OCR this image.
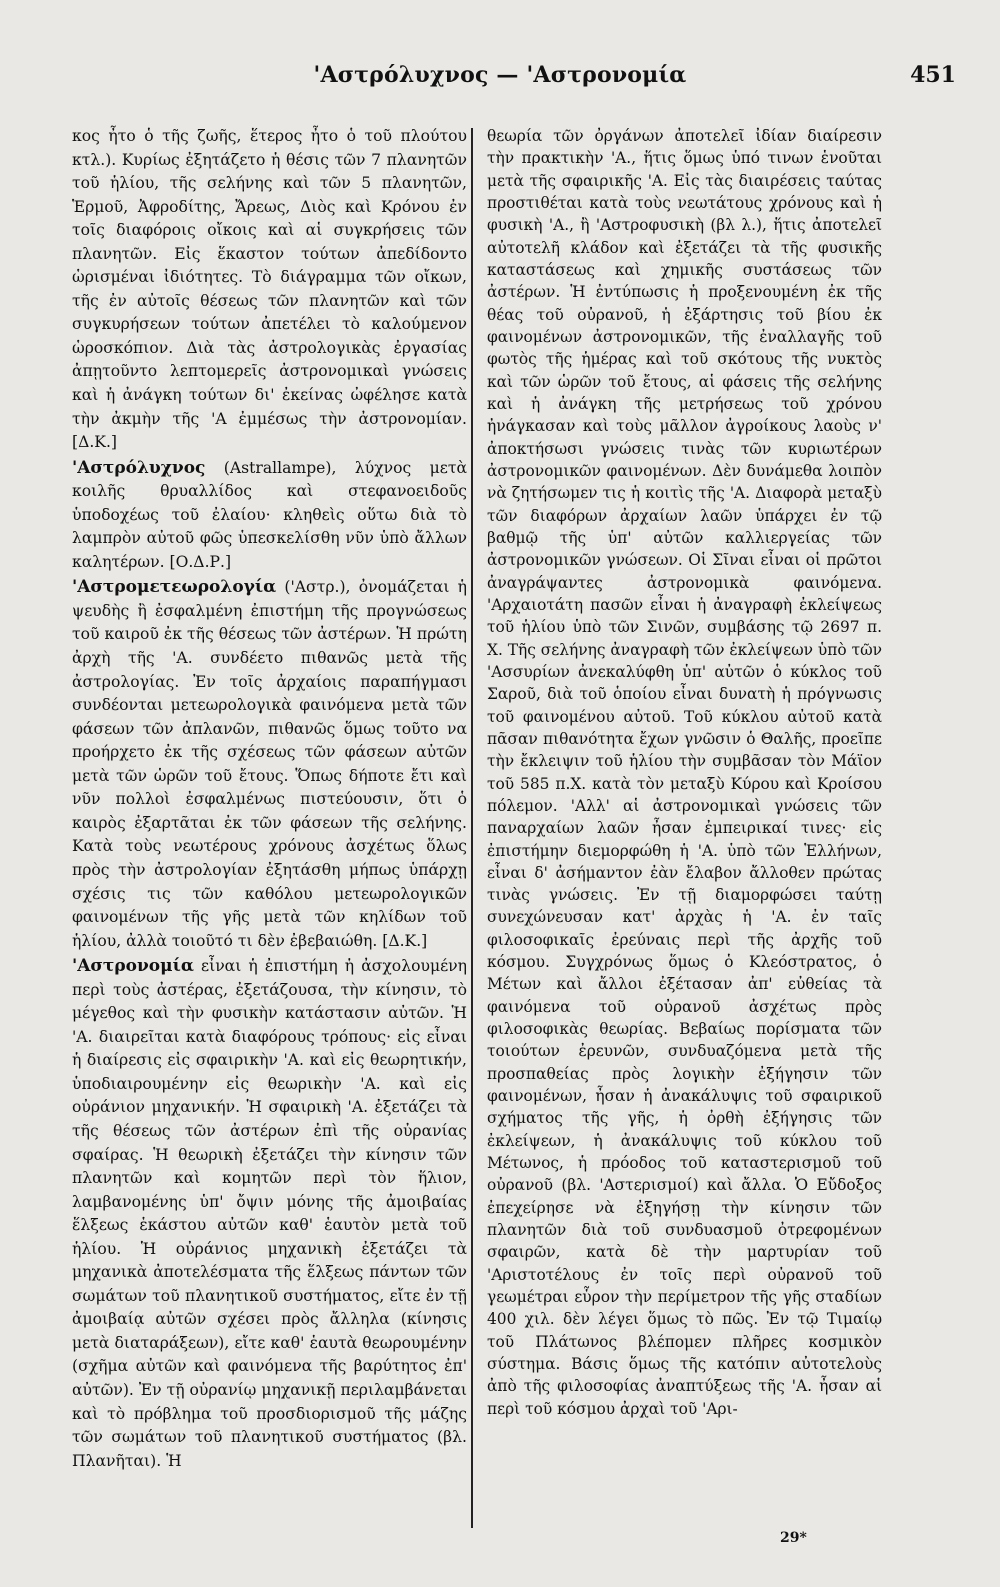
'Αστρόλυχνος — 'Αστρονομία	451

κος ἦτο ὁ τῆς ζωῆς, ἕτερος ἦτο ὁ τοῦ πλούτου κτλ.). Κυρίως ἐξητάζετο ἡ θέσις τῶν 7 πλανητῶν τοῦ ἡλίου, τῆς σελήνης καὶ τῶν 5 πλανητῶν, Ἑρμοῦ, Ἀφροδίτης, Ἄρεως, Διὸς καὶ Κρόνου ἐν τοῖς διαφόροις οἴκοις καὶ αἱ συγκρήσεις τῶν πλανητῶν. Εἰς ἕκαστον τούτων ἀπεδίδοντο ὡρισμέναι ἰδιότητες. Τὸ διάγραμμα τῶν οἴκων, τῆς ἐν αὐτοῖς θέσεως τῶν πλανητῶν καὶ τῶν συγκυρήσεων τούτων ἀπετέλει τὸ καλούμενον ὡροσκόπιον. Διὰ τὰς ἀστρολογικὰς ἐργασίας ἀπῃτοῦντο λεπτομερεῖς ἀστρονομικαὶ γνώσεις καὶ ἡ ἀνάγκη τούτων δι' ἐκείνας ὠφέλησε κατὰ τὴν ἀκμὴν τῆς 'Α ἐμμέσως τὴν ἀστρονομίαν. [Δ.Κ.]

'Αστρόλυχνος (Astrallampe), λύχνος μετὰ κοιλῆς θρυαλλίδος καὶ στεφανοειδοῦς ὑποδοχέως τοῦ ἐλαίου· κληθεὶς οὕτω διὰ τὸ λαμπρὸν αὐτοῦ φῶς ὑπεσκελίσθη νῦν ὑπὸ ἄλλων καλητέρων. [Ο.Δ.Ρ.]

'Αστρομετεωρολογία ('Αστρ.), ὀνομάζεται ἡ ψευδὴς ἢ ἐσφαλμένη ἐπιστήμη τῆς προγνώσεως τοῦ καιροῦ ἐκ τῆς θέσεως τῶν ἀστέρων. Ἡ πρώτη ἀρχὴ τῆς 'Α. συνδέετο πιθανῶς μετὰ τῆς ἀστρολογίας. Ἐν τοῖς ἀρχαίοις παραπήγμασι συνδέονται μετεωρολογικὰ φαινόμενα μετὰ τῶν φάσεων τῶν ἀπλανῶν, πιθανῶς ὅμως τοῦτο να προήρχετο ἐκ τῆς σχέσεως τῶν φάσεων αὐτῶν μετὰ τῶν ὡρῶν τοῦ ἔτους. Ὅπως δήποτε ἔτι καὶ νῦν πολλοὶ ἐσφαλμένως πιστεύουσιν, ὅτι ὁ καιρὸς ἐξαρτᾶται ἐκ τῶν φάσεων τῆς σελήνης. Κατὰ τοὺς νεωτέρους χρόνους ἀσχέτως ὅλως πρὸς τὴν ἀστρολογίαν ἐξητάσθη μήπως ὑπάρχῃ σχέσις τις τῶν καθόλου μετεωρολογικῶν φαινομένων τῆς γῆς μετὰ τῶν κηλίδων τοῦ ἡλίου, ἀλλὰ τοιοῦτό τι δὲν ἐβεβαιώθη. [Δ.Κ.]

'Αστρονομία εἶναι ἡ ἐπιστήμη ἡ ἀσχολουμένη περὶ τοὺς ἀστέρας, ἐξετάζουσα, τὴν κίνησιν, τὸ μέγεθος καὶ τὴν φυσικὴν κατάστασιν αὐτῶν. Ἡ 'Α. διαιρεῖται κατὰ διαφόρους τρόπους· εἰς εἶναι ἡ διαίρεσις εἰς σφαιρικὴν 'Α. καὶ εἰς θεωρητικήν, ὑποδιαιρουμένην εἰς θεωρικὴν 'Α. καὶ εἰς οὐράνιον μηχανικήν. Ἡ σφαιρικὴ 'Α. ἐξετάζει τὰ τῆς θέσεως τῶν ἀστέρων ἐπὶ τῆς οὐρανίας σφαίρας. Ἡ θεωρικὴ ἐξετάζει τὴν κίνησιν τῶν πλανητῶν καὶ κομητῶν περὶ τὸν ἥλιον, λαμβανομένης ὑπ' ὄψιν μόνης τῆς ἀμοιβαίας ἕλξεως ἑκάστου αὐτῶν καθ' ἑαυτὸν μετὰ τοῦ ἡλίου. Ἡ οὐράνιος μηχανικὴ ἐξετάζει τὰ μηχανικὰ ἀποτελέσματα τῆς ἕλξεως πάντων τῶν σωμάτων τοῦ πλανητικοῦ συστήματος, εἴτε ἐν τῇ ἀμοιβαίᾳ αὐτῶν σχέσει πρὸς ἄλληλα (κίνησις μετὰ διαταράξεων), εἴτε καθ' ἑαυτὰ θεωρουμένην (σχῆμα αὐτῶν καὶ φαινόμενα τῆς βαρύτητος ἐπ' αὐτῶν). Ἐν τῇ οὐρανίῳ μηχανικῇ περιλαμβάνεται καὶ τὸ πρόβλημα τοῦ προσδιορισμοῦ τῆς μάζης τῶν σωμάτων τοῦ πλανητικοῦ συστήματος (βλ. Πλανῆται). Ἡ

θεωρία τῶν ὀργάνων ἀποτελεῖ ἰδίαν διαίρεσιν τὴν πρακτικὴν 'Α., ἥτις ὅμως ὑπό τινων ἑνοῦται μετὰ τῆς σφαιρικῆς 'Α. Εἰς τὰς διαιρέσεις ταύτας προστιθέται κατὰ τοὺς νεωτάτους χρόνους καὶ ἡ φυσικὴ 'Α., ἢ 'Αστροφυσικὴ (βλ λ.), ἥτις ἀποτελεῖ αὐτοτελῆ κλάδον καὶ ἐξετάζει τὰ τῆς φυσικῆς καταστάσεως καὶ χημικῆς συστάσεως τῶν ἀστέρων. Ἡ ἐντύπωσις ἡ προξενουμένη ἐκ τῆς θέας τοῦ οὐρανοῦ, ἡ ἐξάρτησις τοῦ βίου ἐκ φαινομένων ἀστρονομικῶν, τῆς ἐναλλαγῆς τοῦ φωτὸς τῆς ἡμέρας καὶ τοῦ σκότους τῆς νυκτὸς καὶ τῶν ὡρῶν τοῦ ἔτους, αἱ φάσεις τῆς σελήνης καὶ ἡ ἀνάγκη τῆς μετρήσεως τοῦ χρόνου ἠνάγκασαν καὶ τοὺς μᾶλλον ἀγροίκους λαοὺς ν' ἀποκτήσωσι γνώσεις τινὰς τῶν κυριωτέρων ἀστρονομικῶν φαινομένων. Δὲν δυνάμεθα λοιπὸν νὰ ζητήσωμεν τις ἡ κοιτὶς τῆς 'Α. Διαφορὰ μεταξὺ τῶν διαφόρων ἀρχαίων λαῶν ὑπάρχει ἐν τῷ βαθμῷ τῆς ὑπ' αὐτῶν καλλιεργείας τῶν ἀστρονομικῶν γνώσεων. Οἱ Σῖναι εἶναι οἱ πρῶτοι ἀναγράψαντες ἀστρονομικὰ φαινόμενα. 'Αρχαιοτάτη πασῶν εἶναι ἡ ἀναγραφὴ ἐκλείψεως τοῦ ἡλίου ὑπὸ τῶν Σινῶν, συμβάσης τῷ 2697 π. Χ. Τῆς σελήνης ἀναγραφὴ τῶν ἐκλείψεων ὑπὸ τῶν 'Ασσυρίων ἀνεκαλύφθη ὑπ' αὐτῶν ὁ κύκλος τοῦ Σαροῦ, διὰ τοῦ ὁποίου εἶναι δυνατὴ ἡ πρόγνωσις τοῦ φαινομένου αὐτοῦ. Τοῦ κύκλου αὐτοῦ κατὰ πᾶσαν πιθανότητα ἔχων γνῶσιν ὁ Θαλῆς, προεῖπε τὴν ἔκλειψιν τοῦ ἡλίου τὴν συμβᾶσαν τὸν Μάϊον τοῦ 585 π.Χ. κατὰ τὸν μεταξὺ Κύρου καὶ Κροίσου πόλεμον. 'Αλλ' αἱ ἀστρονομικαὶ γνώσεις τῶν παναρχαίων λαῶν ἦσαν ἐμπειρικαί τινες· εἰς ἐπιστήμην διεμορφώθη ἡ 'Α. ὑπὸ τῶν Ἑλλήνων, εἶναι δ' ἀσήμαντον ἐὰν ἔλαβον ἄλλοθεν πρώτας τινὰς γνώσεις. Ἐν τῇ διαμορφώσει ταύτῃ συνεχώνευσαν κατ' ἀρχὰς ἡ 'Α. ἐν ταῖς φιλοσοφικαῖς ἐρεύναις περὶ τῆς ἀρχῆς τοῦ κόσμου. Συγχρόνως ὅμως ὁ Κλεόστρατος, ὁ Μέτων καὶ ἄλλοι ἐξέτασαν ἀπ' εὐθείας τὰ φαινόμενα τοῦ οὐρανοῦ ἀσχέτως πρὸς φιλοσοφικὰς θεωρίας. Βεβαίως πορίσματα τῶν τοιούτων ἐρευνῶν, συνδυαζόμενα μετὰ τῆς προσπαθείας πρὸς λογικὴν ἐξήγησιν τῶν φαινομένων, ἦσαν ἡ ἀνακάλυψις τοῦ σφαιρικοῦ σχήματος τῆς γῆς, ἡ ὀρθὴ ἐξήγησις τῶν ἐκλείψεων, ἡ ἀνακάλυψις τοῦ κύκλου τοῦ Μέτωνος, ἡ πρόοδος τοῦ καταστερισμοῦ τοῦ οὐρανοῦ (βλ. 'Αστερισμοί) καὶ ἄλλα. Ὁ Εὔδοξος ἐπεχείρησε νὰ ἐξηγήσῃ τὴν κίνησιν τῶν πλανητῶν διὰ τοῦ συνδυασμοῦ ὀτρεφομένων σφαιρῶν, κατὰ δὲ τὴν μαρτυρίαν τοῦ 'Αριστοτέλους ἐν τοῖς περὶ οὐρανοῦ τοῦ γεωμέτραι εὗρον τὴν περίμετρον τῆς γῆς σταδίων 400 χιλ. δὲν λέγει ὅμως τὸ πῶς. Ἐν τῷ Τιμαίῳ τοῦ Πλάτωνος βλέπομεν πλῆρες κοσμικὸν σύστημα. Βάσις ὅμως τῆς κατόπιν αὐτοτελοὺς ἀπὸ τῆς φιλοσοφίας ἀναπτύξεως τῆς 'Α. ἦσαν αἱ περὶ τοῦ κόσμου ἀρχαὶ τοῦ 'Αρι-

29*
